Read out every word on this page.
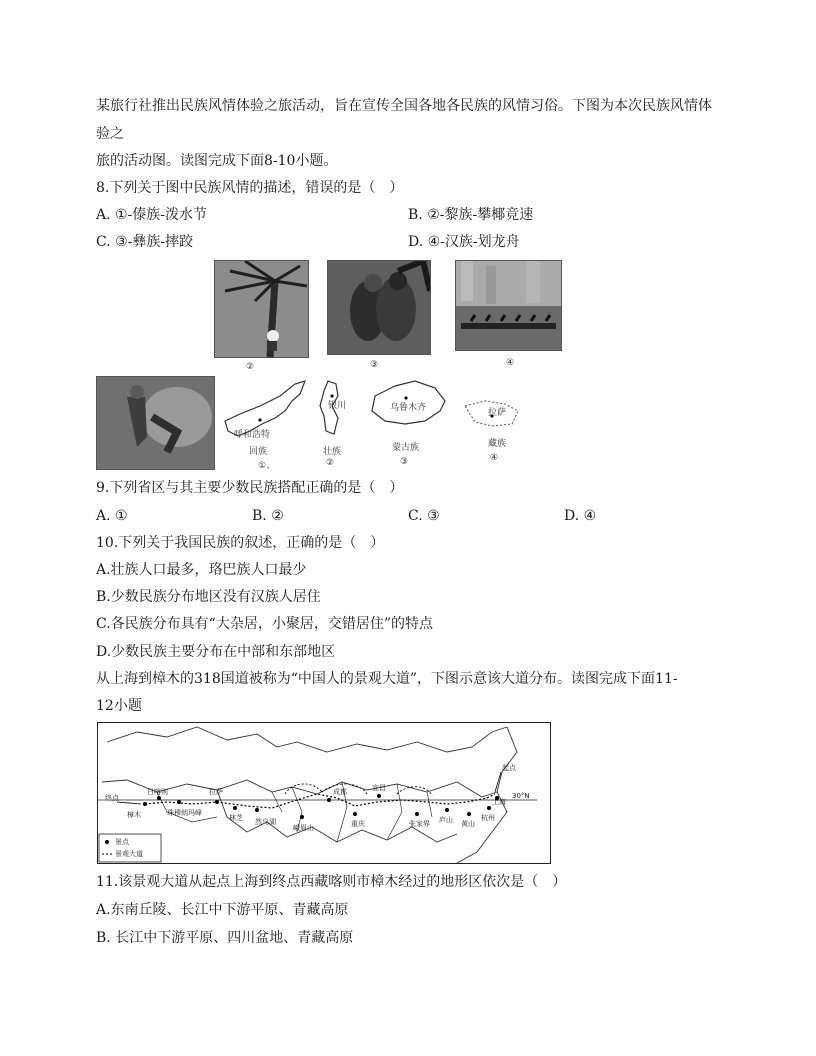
某旅行社推出民族风情体验之旅活动，旨在宣传全国各地各民族的风情习俗。下图为本次民族风情体
验之
旅的活动图。读图完成下面8-10小题。
8.下列关于图中民族风情的描述，错误的是（　）
A. ①-傣族-泼水节	B. ②-黎族-攀椰竞速
C. ③-彝族-摔跤	D. ④-汉族-划龙舟
②	③	④
呼和浩特
回族
①、
银川
壮族
②
乌鲁木齐
蒙古族
③
拉萨
藏族
④
9.下列省区与其主要少数民族搭配正确的是（　）
A. ①	B. ②	C. ③	D. ④
10.下列关于我国民族的叙述，正确的是（　）
A.壮族人口最多，珞巴族人口最少
B.少数民族分布地区没有汉族人居住
C.各民族分布具有“大杂居，小聚居，交错居住”的特点
D.少数民族主要分布在中部和东部地区
从上海到樟木的318国道被称为“中国人的景观大道”，下图示意该大道分布。读图完成下面11-
12小题
终点
起点
30°N
樟木
日喀则
珠穆朗玛峰
拉萨
林芝 然乌湖
峨眉山
成都
重庆	张家界
宜昌
庐山 黄山
杭州
上海
景点
景观大道
11.该景观大道从起点上海到终点西藏喀则市樟木经过的地形区依次是（　）
A.东南丘陵、长江中下游平原、青藏高原
B. 长江中下游平原、四川盆地、青藏高原
